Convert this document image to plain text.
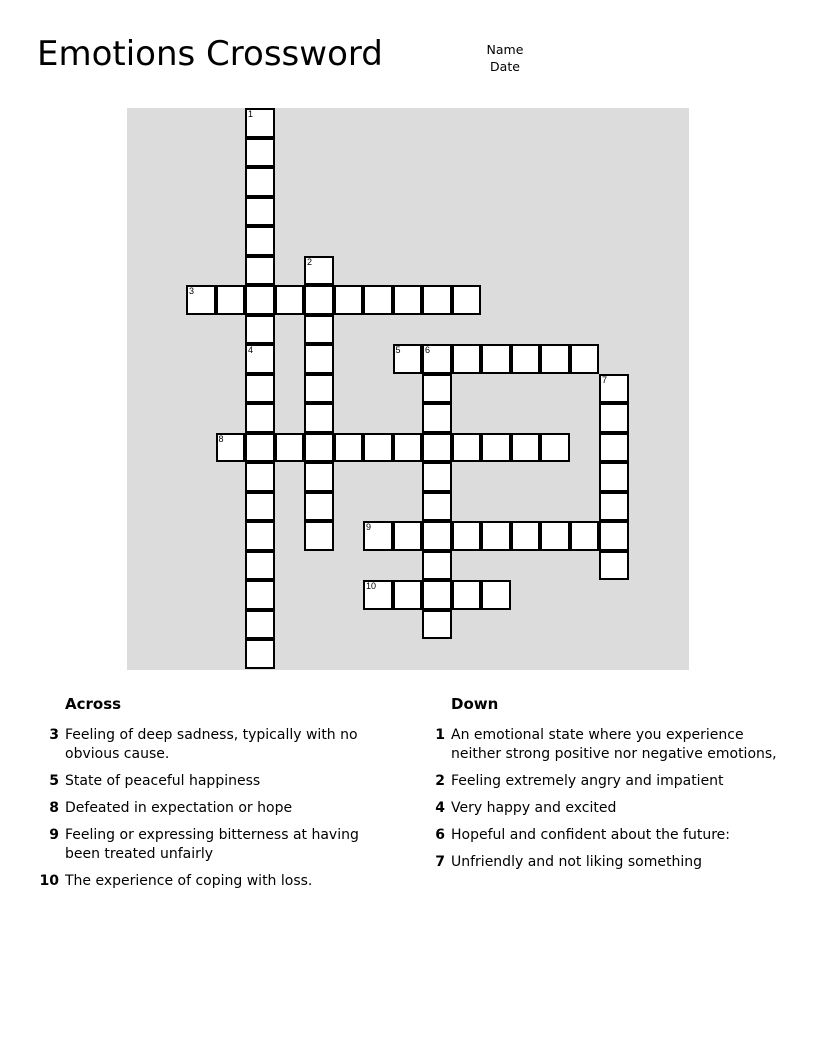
Emotions Crossword	Name
Date
1
4
2
3
5	6
7
8
9
10
Across
3 Feeling of deep sadness, typically with no obvious cause.
5 State of peaceful happiness
8 Defeated in expectation or hope
9 Feeling or expressing bitterness at having been treated unfairly
10 The experience of coping with loss.
Down
1 An emotional state where you experience neither strong positive nor negative emotions,
2 Feeling extremely angry and impatient
4 Very happy and excited
6 Hopeful and confident about the future:
7 Unfriendly and not liking something
